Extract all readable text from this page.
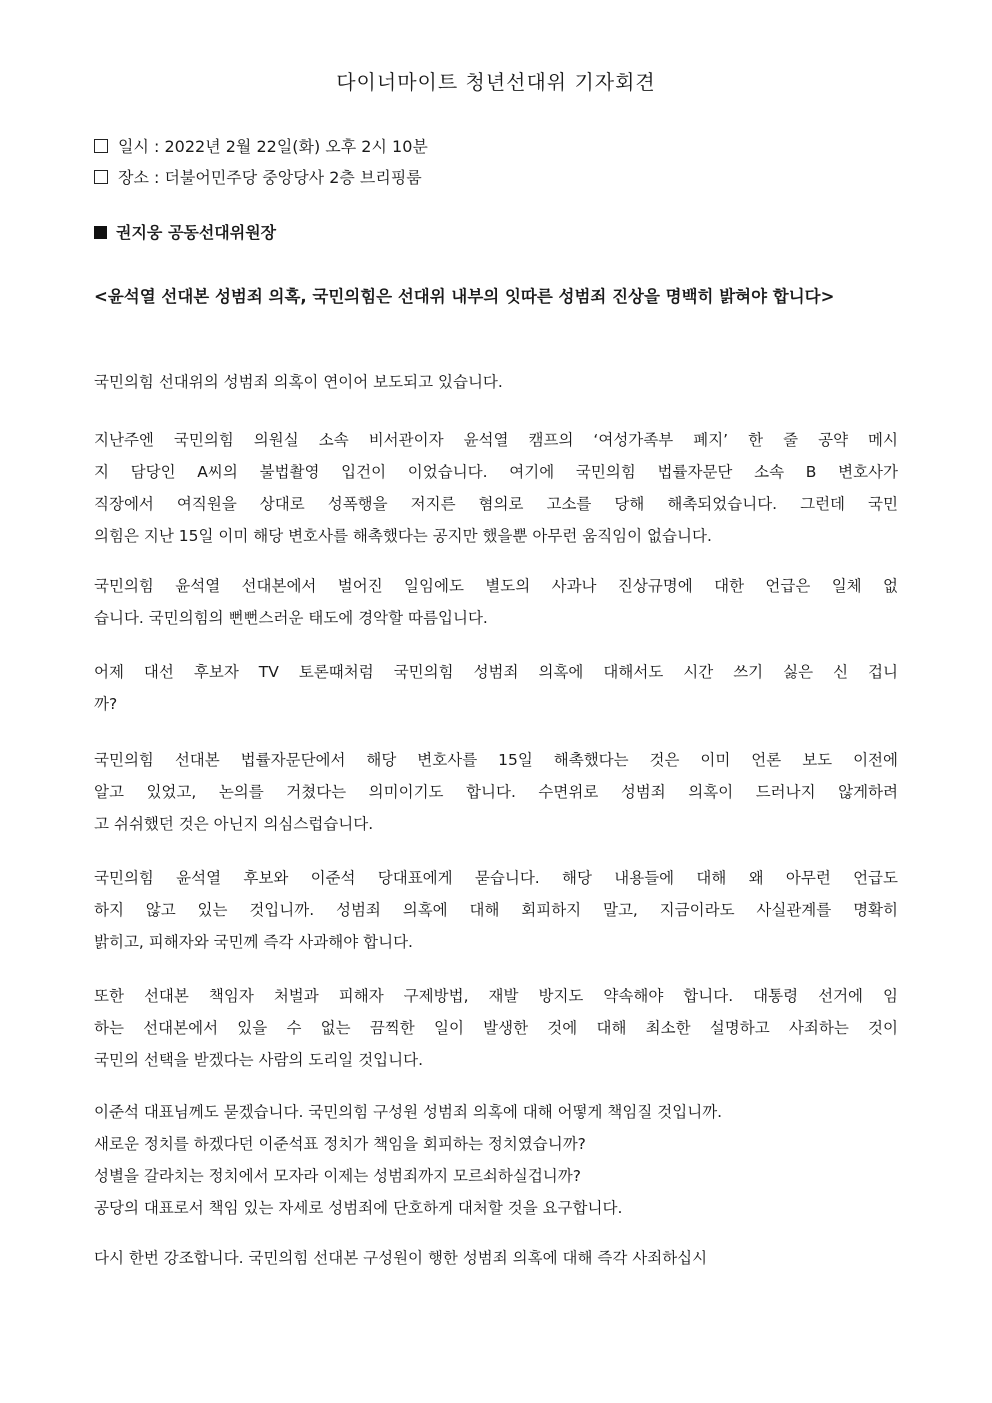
다이너마이트 청년선대위 기자회견
일시 : 2022년 2월 22일(화) 오후 2시 10분
장소 : 더불어민주당 중앙당사 2층 브리핑룸
권지웅 공동선대위원장
<윤석열 선대본 성범죄 의혹, 국민의힘은 선대위 내부의 잇따른 성범죄 진상을 명백히 밝혀야 합니다>
국민의힘 선대위의 성범죄 의혹이 연이어 보도되고 있습니다.
지난주엔 국민의힘 의원실 소속 비서관이자 윤석열 캠프의 ‘여성가족부 폐지’ 한 줄 공약 메시
지 담당인 A씨의 불법촬영 입건이 이었습니다. 여기에 국민의힘 법률자문단 소속 B 변호사가
직장에서 여직원을 상대로 성폭행을 저지른 혐의로 고소를 당해 해촉되었습니다. 그런데 국민
의힘은 지난 15일 이미 해당 변호사를 해촉했다는 공지만 했을뿐 아무런 움직임이 없습니다.
국민의힘 윤석열 선대본에서 벌어진 일임에도 별도의 사과나 진상규명에 대한 언급은 일체 없
습니다. 국민의힘의 뻔뻔스러운 태도에 경악할 따름입니다.
어제 대선 후보자 TV 토론때처럼 국민의힘 성범죄 의혹에 대해서도 시간 쓰기 싫은 신 겁니
까?
국민의힘 선대본 법률자문단에서 해당 변호사를 15일 해촉했다는 것은 이미 언론 보도 이전에
알고 있었고, 논의를 거쳤다는 의미이기도 합니다. 수면위로 성범죄 의혹이 드러나지 않게하려
고 쉬쉬했던 것은 아닌지 의심스럽습니다.
국민의힘 윤석열 후보와 이준석 당대표에게 묻습니다. 해당 내용들에 대해 왜 아무런 언급도
하지 않고 있는 것입니까. 성범죄 의혹에 대해 회피하지 말고, 지금이라도 사실관계를 명확히
밝히고, 피해자와 국민께 즉각 사과해야 합니다.
또한 선대본 책임자 처벌과 피해자 구제방법, 재발 방지도 약속해야 합니다. 대통령 선거에 임
하는 선대본에서 있을 수 없는 끔찍한 일이 발생한 것에 대해 최소한 설명하고 사죄하는 것이
국민의 선택을 받겠다는 사람의 도리일 것입니다.
이준석 대표님께도 묻겠습니다. 국민의힘 구성원 성범죄 의혹에 대해 어떻게 책임질 것입니까.
새로운 정치를 하겠다던 이준석표 정치가 책임을 회피하는 정치였습니까?
성별을 갈라치는 정치에서 모자라 이제는 성범죄까지 모르쇠하실겁니까?
공당의 대표로서 책임 있는 자세로 성범죄에 단호하게 대처할 것을 요구합니다.
다시 한번 강조합니다. 국민의힘 선대본 구성원이 행한 성범죄 의혹에 대해 즉각 사죄하십시
